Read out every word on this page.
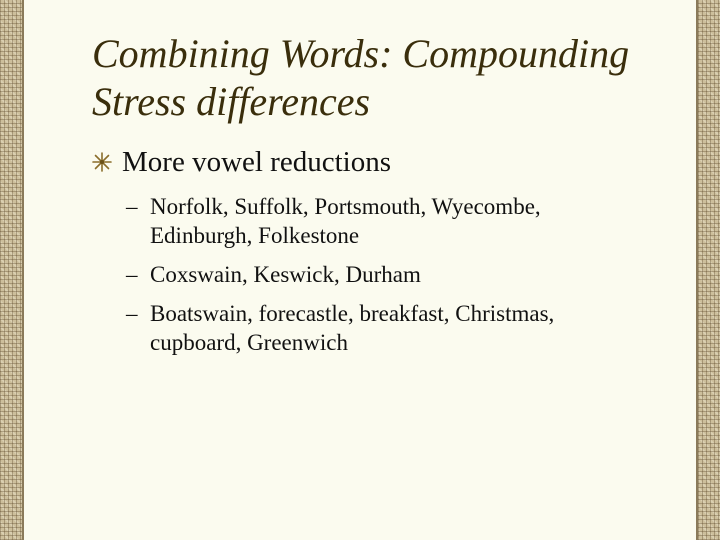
Combining Words: Compounding
Stress differences
More vowel reductions
– Norfolk, Suffolk, Portsmouth, Wyecombe,
Edinburgh, Folkestone
– Coxswain, Keswick, Durham
– Boatswain, forecastle, breakfast, Christmas,
cupboard, Greenwich
